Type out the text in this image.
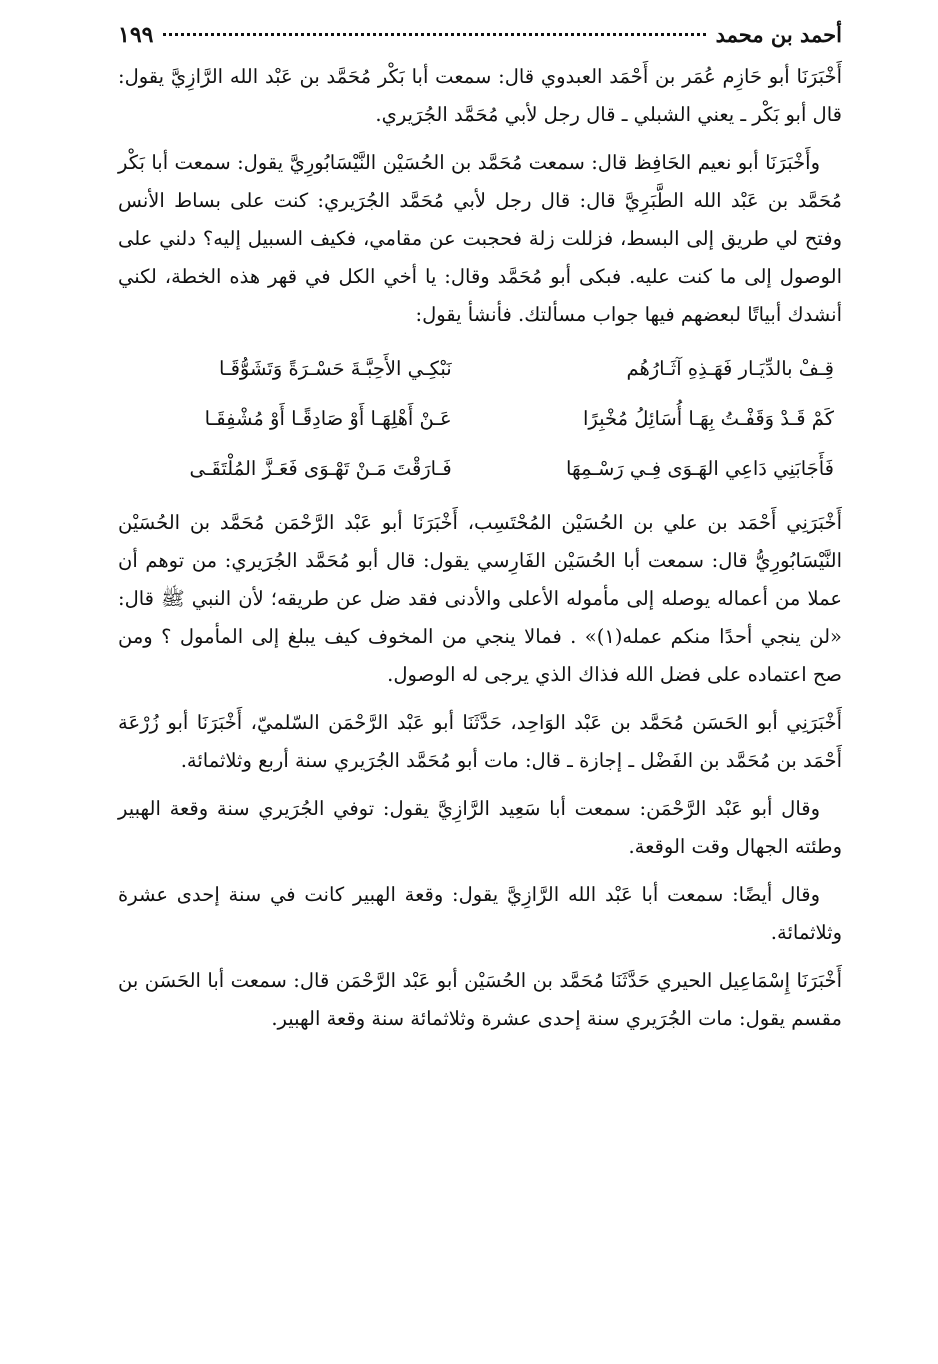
أحمد بن محمد
١٩٩

أَخْبَرَنَا أبو حَازِم عُمَر بن أَحْمَد العبدوي قال: سمعت أبا بَكْر مُحَمَّد بن عَبْد الله الرَّازِيَّ يقول: قال أبو بَكْر ـ يعني الشبلي ـ قال رجل لأبي مُحَمَّد الجُرَيري.

وأَخْبَرَنَا أبو نعيم الحَافِظ قال: سمعت مُحَمَّد بن الحُسَيْن النَّيْسَابُورِيَّ يقول: سمعت أبا بَكْر مُحَمَّد بن عَبْد الله الطَّبَرِيَّ قال: قال رجل لأبي مُحَمَّد الجُرَيري: كنت على بساط الأنس وفتح لي طريق إلى البسط، فزللت زلة فحجبت عن مقامي، فكيف السبيل إليه؟ دلني على الوصول إلى ما كنت عليه. فبكى أبو مُحَمَّد وقال: يا أخي الكل في قهر هذه الخطة، لكني أنشدك أبياتًا لبعضهم فيها جواب مسألتك. فأنشأ يقول:

قِـفْ بالدِّيَـار فَهَـذِهِ آثَـارُهُم
نَبْكِـي الأَحِبَّـةَ حَسْـرَةً وَتَشَوُّقَـا
كَمْ قَـدْ وَقَفْـتُ بِهَـا أُسَائِلُ مُخْبِرًا
عَـنْ أَهْلِهَـا أَوْ صَادِقًـا أَوْ مُشْفِقَـا
فَأَجَابَنِي دَاعِي الهَـوَى فِـي رَسْـمِهَا
فَـارَقْتَ مَـنْ تَهْـوَى فَعَـزَّ المُلْتَقَـى

أَخْبَرَنِي أَحْمَد بن علي بن الحُسَيْن المُحْتَسِب، أَخْبَرَنَا أبو عَبْد الرَّحْمَن مُحَمَّد بن الحُسَيْن النَّيْسَابُورِيُّ قال: سمعت أبا الحُسَيْن الفَارِسي يقول: قال أبو مُحَمَّد الجُرَيري: من توهم أن عملا من أعماله يوصله إلى مأموله الأعلى والأدنى فقد ضل عن طريقه؛ لأن النبي ﷺ قال: «لن ينجي أحدًا منكم عمله(١)» . فمالا ينجي من المخوف كيف يبلغ إلى المأمول ؟ ومن صح اعتماده على فضل الله فذاك الذي يرجى له الوصول.

أَخْبَرَنِي أبو الحَسَن مُحَمَّد بن عَبْد الوَاحِد، حَدَّثَنَا أبو عَبْد الرَّحْمَن السّلميّ، أَخْبَرَنَا أبو زُرْعَة أَحْمَد بن مُحَمَّد بن الفَضْل ـ إجازة ـ قال: مات أبو مُحَمَّد الجُرَيري سنة أربع وثلاثمائة.

وقال أبو عَبْد الرَّحْمَن: سمعت أبا سَعِيد الرَّازِيَّ يقول: توفي الجُرَيري سنة وقعة الهبير وطئته الجهال وقت الوقعة.

وقال أيضًا: سمعت أبا عَبْد الله الرَّازِيَّ يقول: وقعة الهبير كانت في سنة إحدى عشرة وثلاثمائة.

أَخْبَرَنَا إِسْمَاعِيل الحيري حَدَّثَنَا مُحَمَّد بن الحُسَيْن أبو عَبْد الرَّحْمَن قال: سمعت أبا الحَسَن بن مقسم يقول: مات الجُرَيري سنة إحدى عشرة وثلاثمائة سنة وقعة الهبير.
